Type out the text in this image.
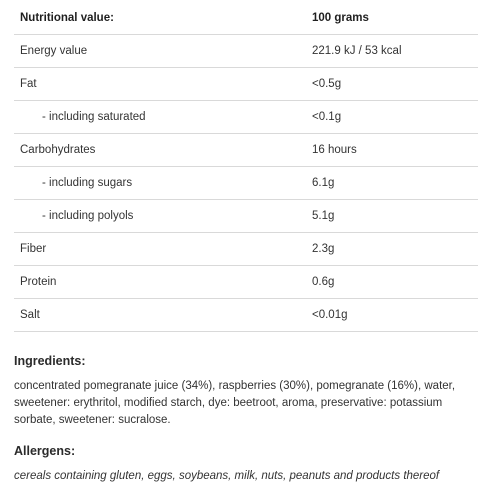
Nutritional value:	100 grams
Energy value	221.9 kJ / 53 kcal
Fat	<0.5g
- including saturated	<0.1g
Carbohydrates	16 hours
- including sugars	6.1g
- including polyols	5.1g
Fiber	2.3g
Protein	0.6g
Salt	<0.01g
Ingredients:

concentrated pomegranate juice (34%), raspberries (30%), pomegranate (16%), water, sweetener: erythritol, modified starch, dye: beetroot, aroma, preservative: potassium sorbate, sweetener: sucralose.

Allergens:

cereals containing gluten, eggs, soybeans, milk, nuts, peanuts and products thereof
